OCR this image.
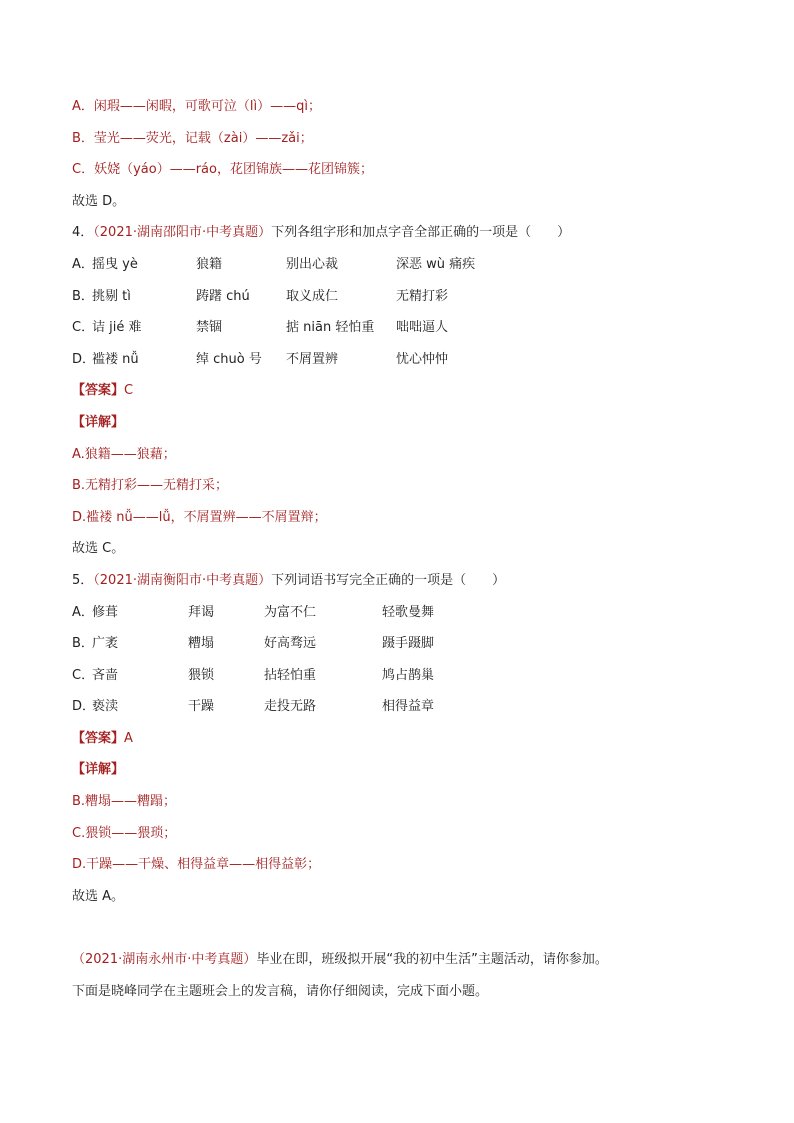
A．闲瑕——闲暇，可歌可泣（lì）——qì；
B．莹光——荧光，记载（zài）——zǎi；
C．妖娆（yáo）——ráo，花团锦族——花团锦簇；
故选 D。
4．（2021·湖南邵阳市·中考真题）下列各组字形和加点字音全部正确的一项是（　　）
A．
摇曳 yè	狼籍	别出心裁	深恶 wù 痛疾
B．
挑剔 tì	踌躇 chú	取义成仁	无精打彩
C．
诘 jié 难	禁锢	掂 niān 轻怕重	咄咄逼人
D．
褴褛 nǚ	绰 chuò 号	不屑置辨	忧心忡忡
【答案】C
【详解】
A.狼籍——狼藉；
B.无精打彩——无精打采；
D.褴褛 nǚ——lǚ，不屑置辨——不屑置辩；
故选 C。
5．（2021·湖南衡阳市·中考真题）下列词语书写完全正确的一项是（　　）
A．
修葺	拜谒	为富不仁	轻歌曼舞
B．
广袤	糟塌	好高骛远	蹑手蹑脚
C．
吝啬	猥锁	拈轻怕重	鸠占鹊巢
D．
亵渎	干躁	走投无路	相得益章
【答案】A
【详解】
B.糟塌——糟蹋；
C.猥锁——猥琐；
D.干躁——干燥、相得益章——相得益彰；
故选 A。
（2021·湖南永州市·中考真题）毕业在即，班级拟开展“我的初中生活”主题活动，请你参加。
下面是晓峰同学在主题班会上的发言稿，请你仔细阅读，完成下面小题。
